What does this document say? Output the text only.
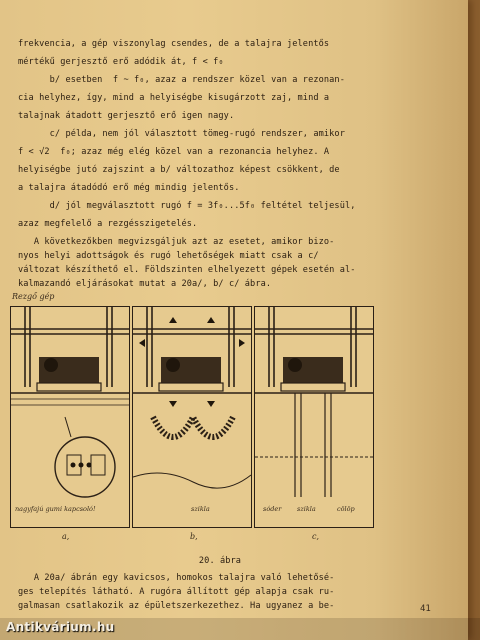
frekvencia, a gép viszonylag csendes, de a talajra jelentős
mértékű gerjesztő erő adódik át, f < f₀
b/ esetben  f ~ f₀, azaz a rendszer közel van a rezonan-
cia helyhez, így, mind a helyiségbe kisugárzott zaj, mind a
talajnak átadott gerjesztő erő igen nagy.
c/ példa, nem jól választott tömeg-rugó rendszer, amikor
f < √2  f₀; azaz még elég közel van a rezonancia helyhez. A
helyiségbe jutó zajszint a b/ változathoz képest csökkent, de
a talajra átadódó erő még mindig jelentős.
d/ jól megválasztott rugó f = 3f₀...5f₀ feltétel teljesül,
azaz megfelelő a rezgésszigetelés.
A következőkben megvizsgáljuk azt az esetet, amikor bizo-
nyos helyi adottságok és rugó lehetőségek miatt csak a c/
változat készíthető el. Földszinten elhelyezett gépek esetén al-
kalmazandó eljárásokat mutat a 20a/, b/ c/ ábra.
Rezgő gép
nagyfajú gumi kapcsoló!	szikla	sóder szikla	cölöp
a,	b,	c,
20. ábra
A 20a/ ábrán egy kavicsos, homokos talajra való lehetősé-
ges telepítés látható. A rugóra állított gép alapja csak ru-
galmasan csatlakozik az épületszerkezethez. Ha ugyanez a be-	41
Antikvárium.hu
